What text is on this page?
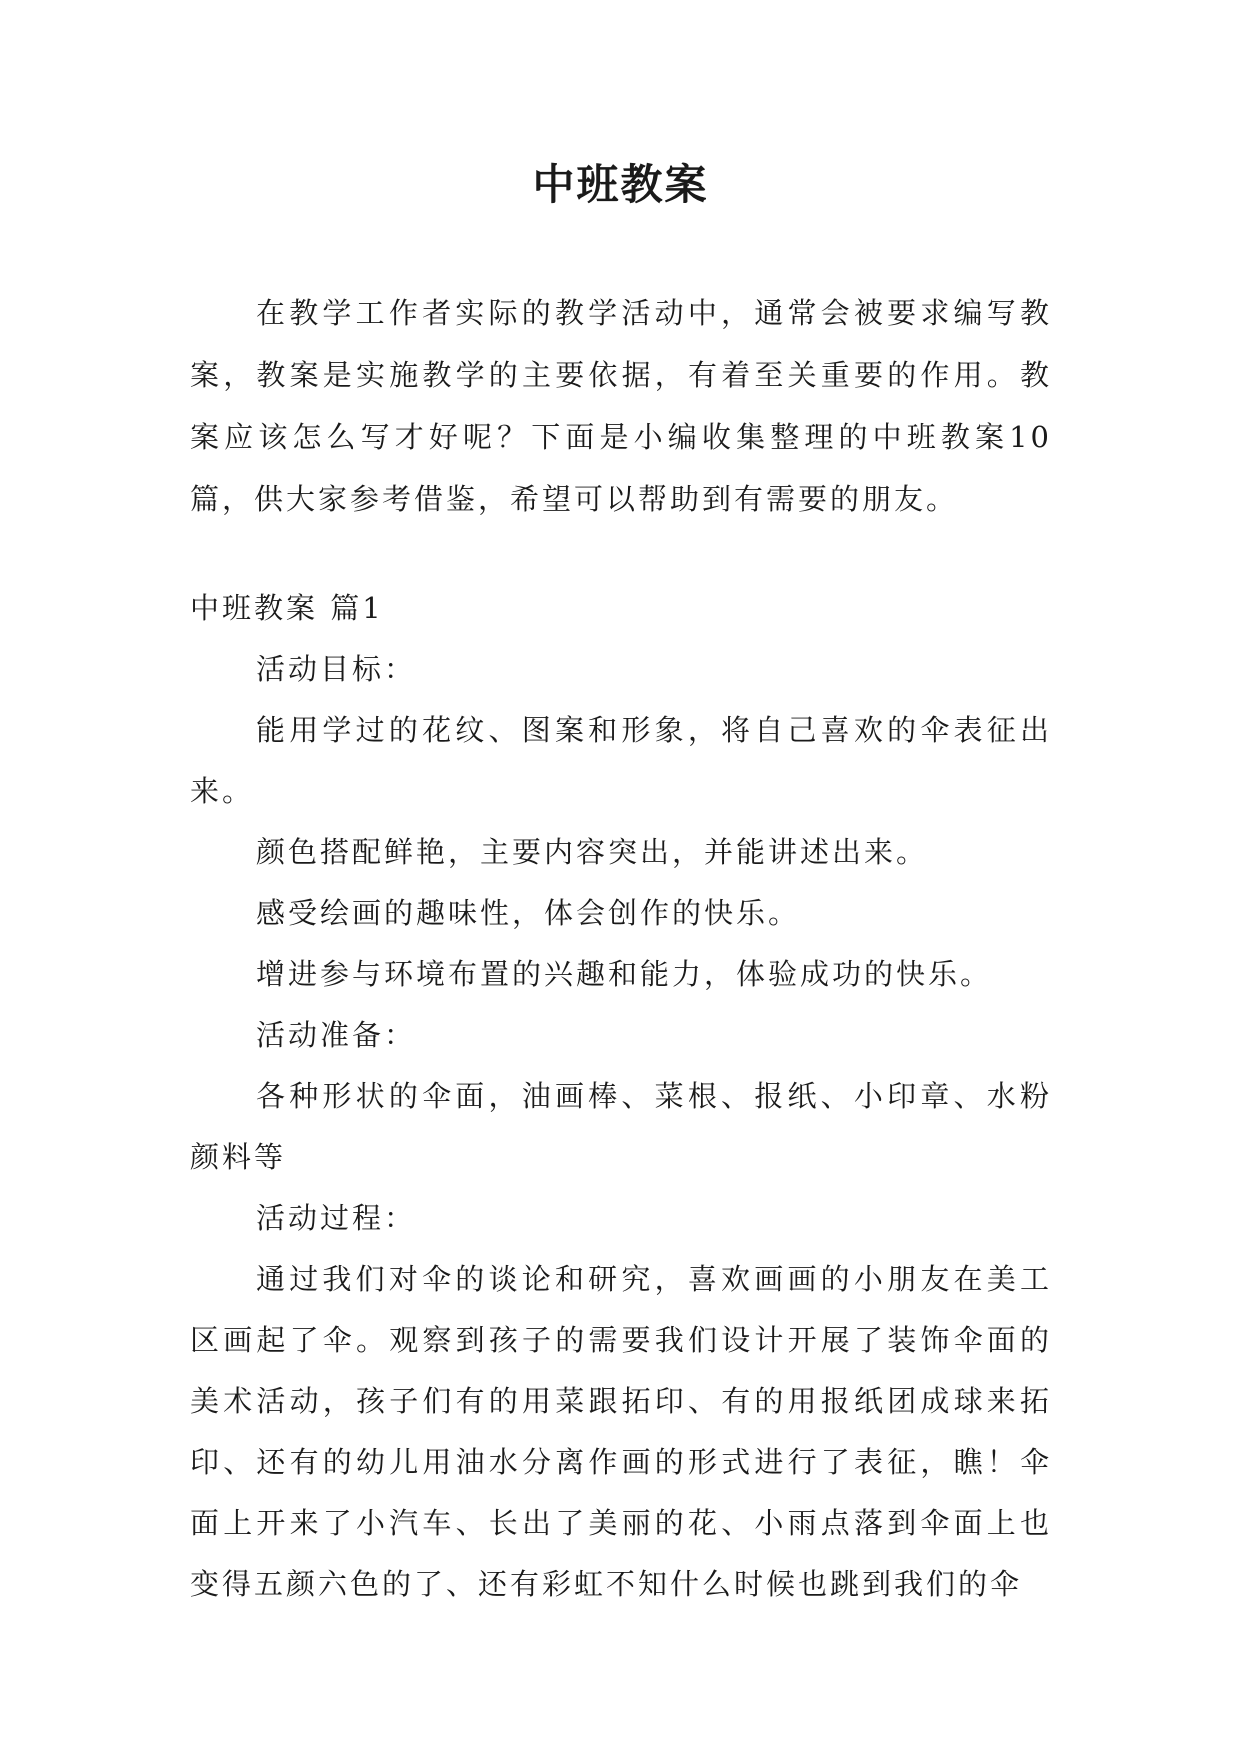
中班教案
在教学工作者实际的教学活动中，通常会被要求编写教案，教案是实施教学的主要依据，有着至关重要的作用。教案应该怎么写才好呢？下面是小编收集整理的中班教案10篇，供大家参考借鉴，希望可以帮助到有需要的朋友。

中班教案 篇1

活动目标：

能用学过的花纹、图案和形象，将自己喜欢的伞表征出来。

颜色搭配鲜艳，主要内容突出，并能讲述出来。

感受绘画的趣味性，体会创作的快乐。

增进参与环境布置的兴趣和能力，体验成功的快乐。

活动准备：

各种形状的伞面，油画棒、菜根、报纸、小印章、水粉颜料等

活动过程：

通过我们对伞的谈论和研究，喜欢画画的小朋友在美工区画起了伞。观察到孩子的需要我们设计开展了装饰伞面的美术活动，孩子们有的用菜跟拓印、有的用报纸团成球来拓印、还有的幼儿用油水分离作画的形式进行了表征，瞧！伞面上开来了小汽车、长出了美丽的花、小雨点落到伞面上也变得五颜六色的了、还有彩虹不知什么时候也跳到我们的伞
